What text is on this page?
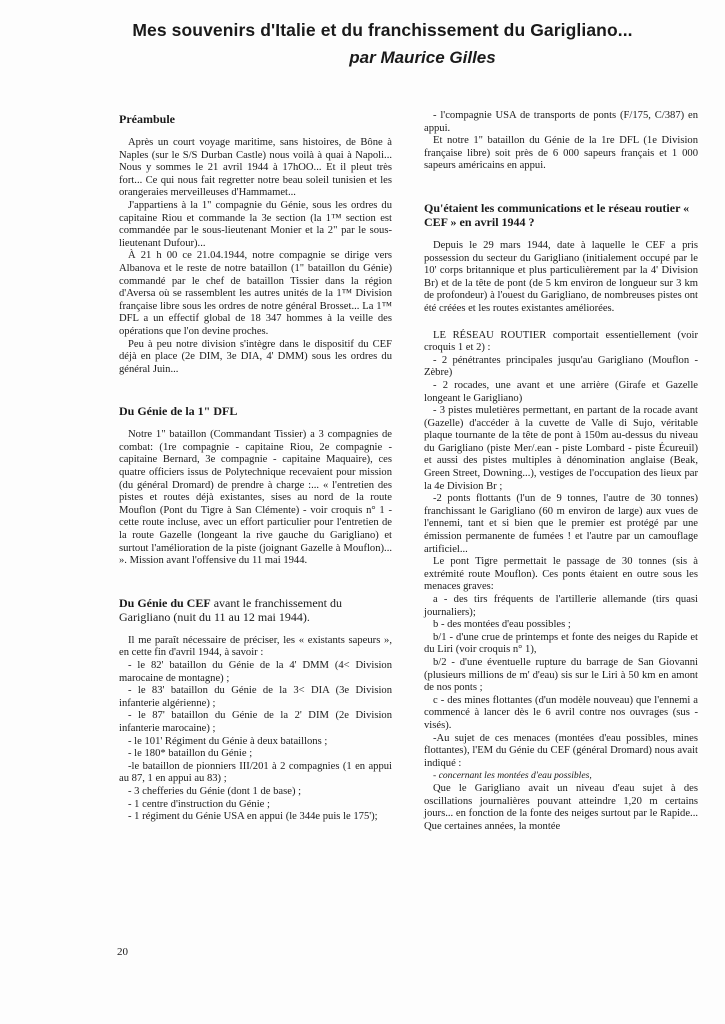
Mes souvenirs d'Italie et du franchissement du Garigliano...
par Maurice Gilles
Préambule

Après un court voyage maritime, sans histoires, de Bône à Naples (sur le S/S Durban Castle) nous voilà à quai à Napoli... Nous y sommes le 21 avril 1944 à 17hOO... Et il pleut très fort... Ce qui nous fait regretter notre beau soleil tunisien et les orangeraies merveilleuses d'Hammamet...

J'appartiens à la 1" compagnie du Génie, sous les ordres du capitaine Riou et commande la 3e section (la 1™ section est commandée par le sous-lieutenant Monier et la 2" par le sous-lieutenant Dufour)...

À 21 h 00 ce 21.04.1944, notre compagnie se dirige vers Albanova et le reste de notre bataillon (1" bataillon du Génie) commandé par le chef de bataillon Tissier dans la région d'Aversa où se rassemblent les autres unités de la 1™ Division française libre sous les ordres de notre général Brosset... La 1™ DFL a un effectif global de 18 347 hommes à la veille des opérations que l'on devine proches.

Peu à peu notre division s'intègre dans le dispositif du CEF déjà en place (2e DIM, 3e DIA, 4' DMM) sous les ordres du général Juin...

Du Génie de la 1" DFL

Notre 1" bataillon (Commandant Tissier) a 3 compagnies de combat: (1re compagnie - capitaine Riou, 2e compagnie - capitaine Bernard, 3e compagnie - capitaine Maquaire), ces quatre officiers issus de Polytechnique recevaient pour mission (du général Dromard) de prendre à charge :... « l'entretien des pistes et routes déjà existantes, sises au nord de la route Mouflon (Pont du Tigre à San Clémente) - voir croquis n° 1 - cette route incluse, avec un effort particulier pour l'entretien de la route Gazelle (longeant la rive gauche du Garigliano) et surtout l'amélioration de la piste (joignant Gazelle à Mouflon)... ». Mission avant l'offensive du 11 mai 1944.

Du Génie du CEF avant le franchissement du Garigliano (nuit du 11 au 12 mai 1944).

Il me paraît nécessaire de préciser, les « existants sapeurs », en cette fin d'avril 1944, à savoir :

- le 82' bataillon du Génie de la 4' DMM (4< Division marocaine de montagne) ;

- le 83' bataillon du Génie de la 3< DIA (3e Division infanterie algérienne) ;

- le 87' bataillon du Génie de la 2' DIM (2e Division infanterie marocaine) ;

- le 101' Régiment du Génie à deux bataillons ;

- le 180* bataillon du Génie ;

-le bataillon de pionniers III/201 à 2 compagnies (1 en appui au 87, 1 en appui au 83) ;

- 3 chefferies du Génie (dont 1 de base) ;

- 1 centre d'instruction du Génie ;

- 1 régiment du Génie USA en appui (le 344e puis le 175');

- l'compagnie USA de transports de ponts (F/175, C/387) en appui.

Et notre 1" bataillon du Génie de la 1re DFL (1e Division française libre) soit près de 6 000 sapeurs français et 1 000 sapeurs américains en appui.

Qu'étaient les communications et le réseau routier « CEF » en avril 1944 ?

Depuis le 29 mars 1944, date à laquelle le CEF a pris possession du secteur du Garigliano (initialement occupé par le 10' corps britannique et plus particulièrement par la 4' Division Br) et de la tête de pont (de 5 km environ de longueur sur 3 km de profondeur) à l'ouest du Garigliano, de nombreuses pistes ont été créées et les routes existantes améliorées.

LE RÉSEAU ROUTIER comportait essentiellement (voir croquis 1 et 2) :

- 2 pénétrantes principales jusqu'au Garigliano (Mouflon - Zèbre)

- 2 rocades, une avant et une arrière (Girafe et Gazelle longeant le Garigliano)

- 3 pistes muletières permettant, en partant de la rocade avant (Gazelle) d'accéder à la cuvette de Valle di Sujo, véritable plaque tournante de la tête de pont à 150m au-dessus du niveau du Garigliano (piste Mer/.ean - piste Lombard - piste Écureuil) et aussi des pistes multiples à dénomination anglaise (Beak, Green Street, Downing...), vestiges de l'occupation des lieux par la 4e Division Br ;

-2 ponts flottants (l'un de 9 tonnes, l'autre de 30 tonnes) franchissant le Garigliano (60 m environ de large) aux vues de l'ennemi, tant et si bien que le premier est protégé par une émission permanente de fumées ! et l'autre par un camouflage artificiel...

Le pont Tigre permettait le passage de 30 tonnes (sis à extrémité route Mouflon). Ces ponts étaient en outre sous les menaces graves:

a - des tirs fréquents de l'artillerie allemande (tirs quasi journaliers);

b - des montées d'eau possibles ;

b/1 - d'une crue de printemps et fonte des neiges du Rapide et du Liri (voir croquis n° 1),

b/2 - d'une éventuelle rupture du barrage de San Giovanni (plusieurs millions de m' d'eau) sis sur le Liri à 50 km en amont de nos ponts ;

c - des mines flottantes (d'un modèle nouveau) que l'ennemi a commencé à lancer dès le 6 avril contre nos ouvrages (sus - visés).

-Au sujet de ces menaces (montées d'eau possibles, mines flottantes), l'EM du Génie du CEF (général Dromard) nous avait indiqué :

- concernant les montées d'eau possibles,

Que le Garigliano avait un niveau d'eau sujet à des oscillations journalières pouvant atteindre 1,20 m certains jours... en fonction de la fonte des neiges surtout par le Rapide... Que certaines années, la montée

20
